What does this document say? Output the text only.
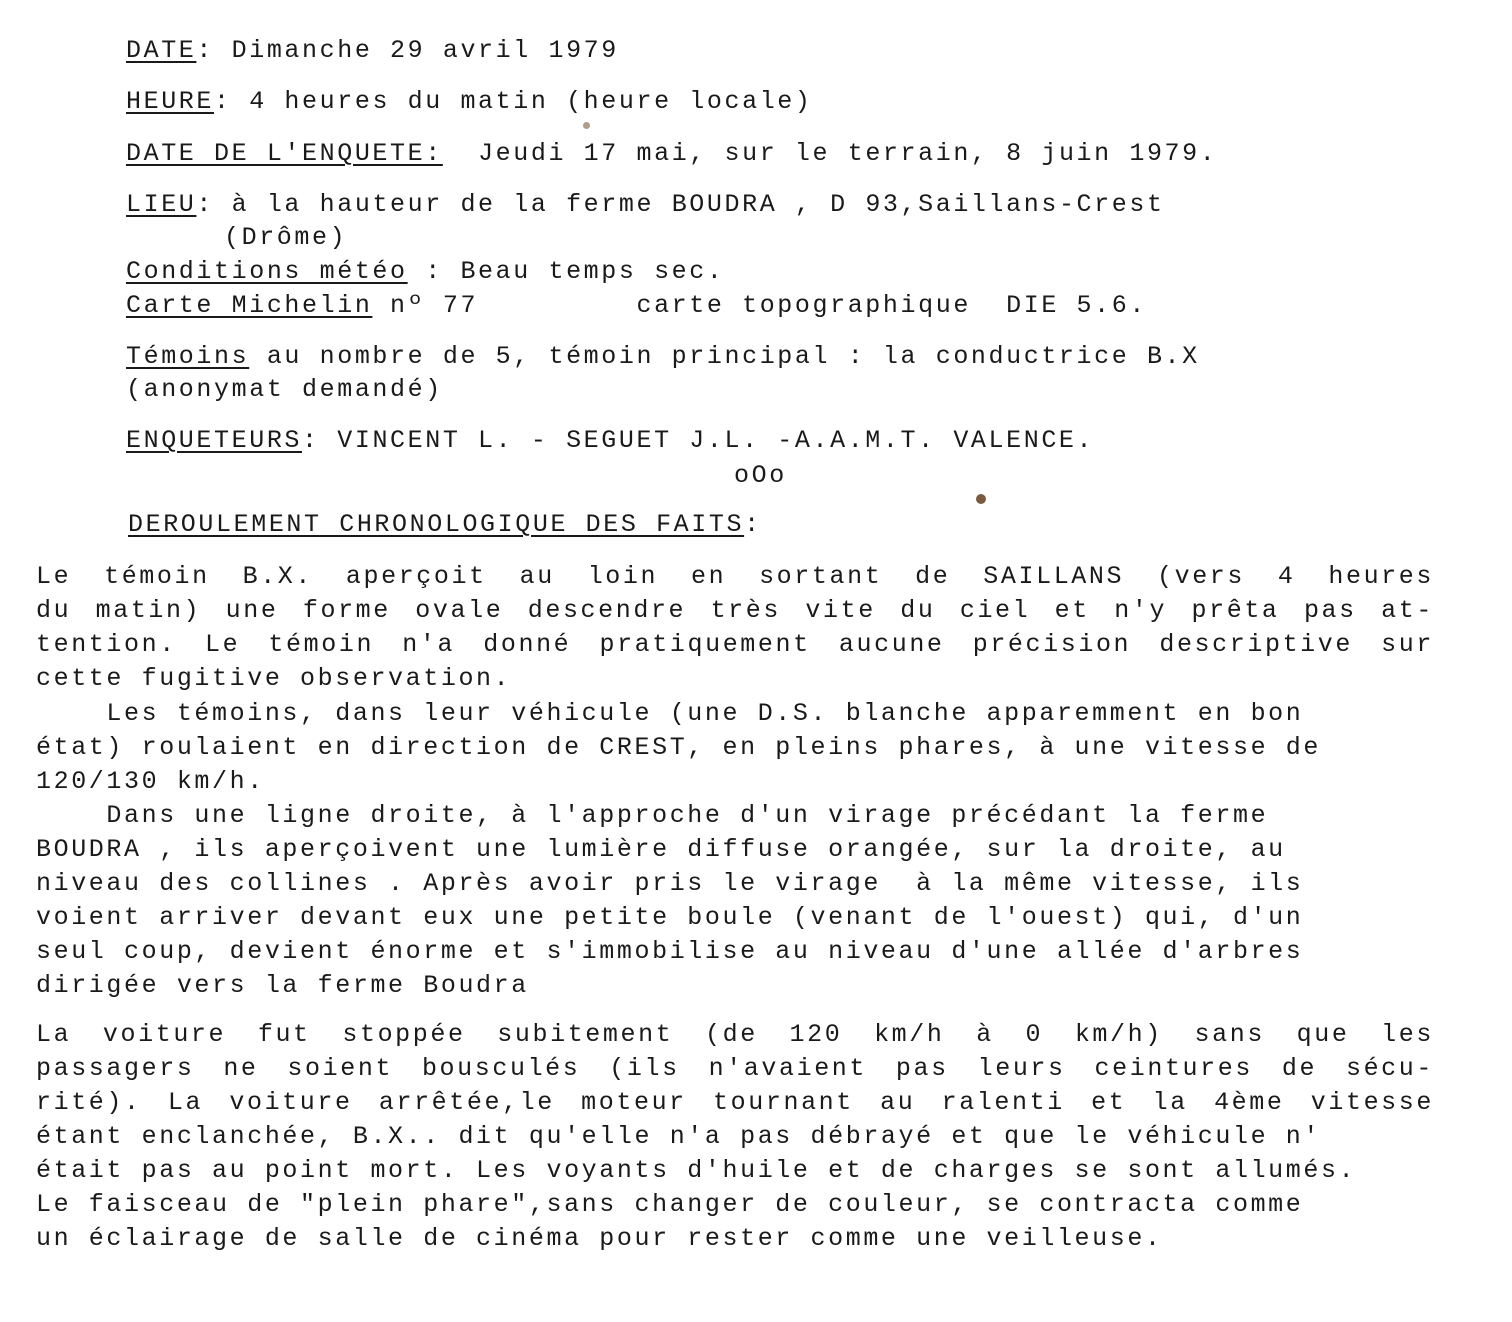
DATE: Dimanche 29 avril 1979
HEURE: 4 heures du matin (heure locale)
DATE DE L'ENQUETE:  Jeudi 17 mai, sur le terrain, 8 juin 1979.
LIEU: à la hauteur de la ferme BOUDRA , D 93,Saillans-Crest
(Drôme)
Conditions météo : Beau temps sec.
Carte Michelin nº 77         carte topographique  DIE 5.6.
Témoins au nombre de 5, témoin principal : la conductrice B.X
(anonymat demandé)
ENQUETEURS: VINCENT L. - SEGUET J.L. -A.A.M.T. VALENCE.
oOo
DEROULEMENT CHRONOLOGIQUE DES FAITS:
Le témoin B.X. aperçoit au loin en sortant de SAILLANS (vers 4 heures
du matin) une forme ovale descendre très vite du ciel et n'y prêta pas at-
tention. Le témoin n'a donné pratiquement aucune précision descriptive sur
cette fugitive observation.
Les témoins, dans leur véhicule (une D.S. blanche apparemment en bon
état) roulaient en direction de CREST, en pleins phares, à une vitesse de
120/130 km/h.
Dans une ligne droite, à l'approche d'un virage précédant la ferme
BOUDRA , ils aperçoivent une lumière diffuse orangée, sur la droite, au
niveau des collines . Après avoir pris le virage  à la même vitesse, ils
voient arriver devant eux une petite boule (venant de l'ouest) qui, d'un
seul coup, devient énorme et s'immobilise au niveau d'une allée d'arbres
dirigée vers la ferme Boudra
La voiture fut stoppée subitement (de 120 km/h à 0 km/h) sans que les
passagers ne soient bousculés (ils n'avaient pas leurs ceintures de sécu-
rité). La voiture arrêtée,le moteur tournant au ralenti et la 4ème vitesse
étant enclanchée, B.X.. dit qu'elle n'a pas débrayé et que le véhicule n'
était pas au point mort. Les voyants d'huile et de charges se sont allumés.
Le faisceau de "plein phare",sans changer de couleur, se contracta comme
un éclairage de salle de cinéma pour rester comme une veilleuse.
